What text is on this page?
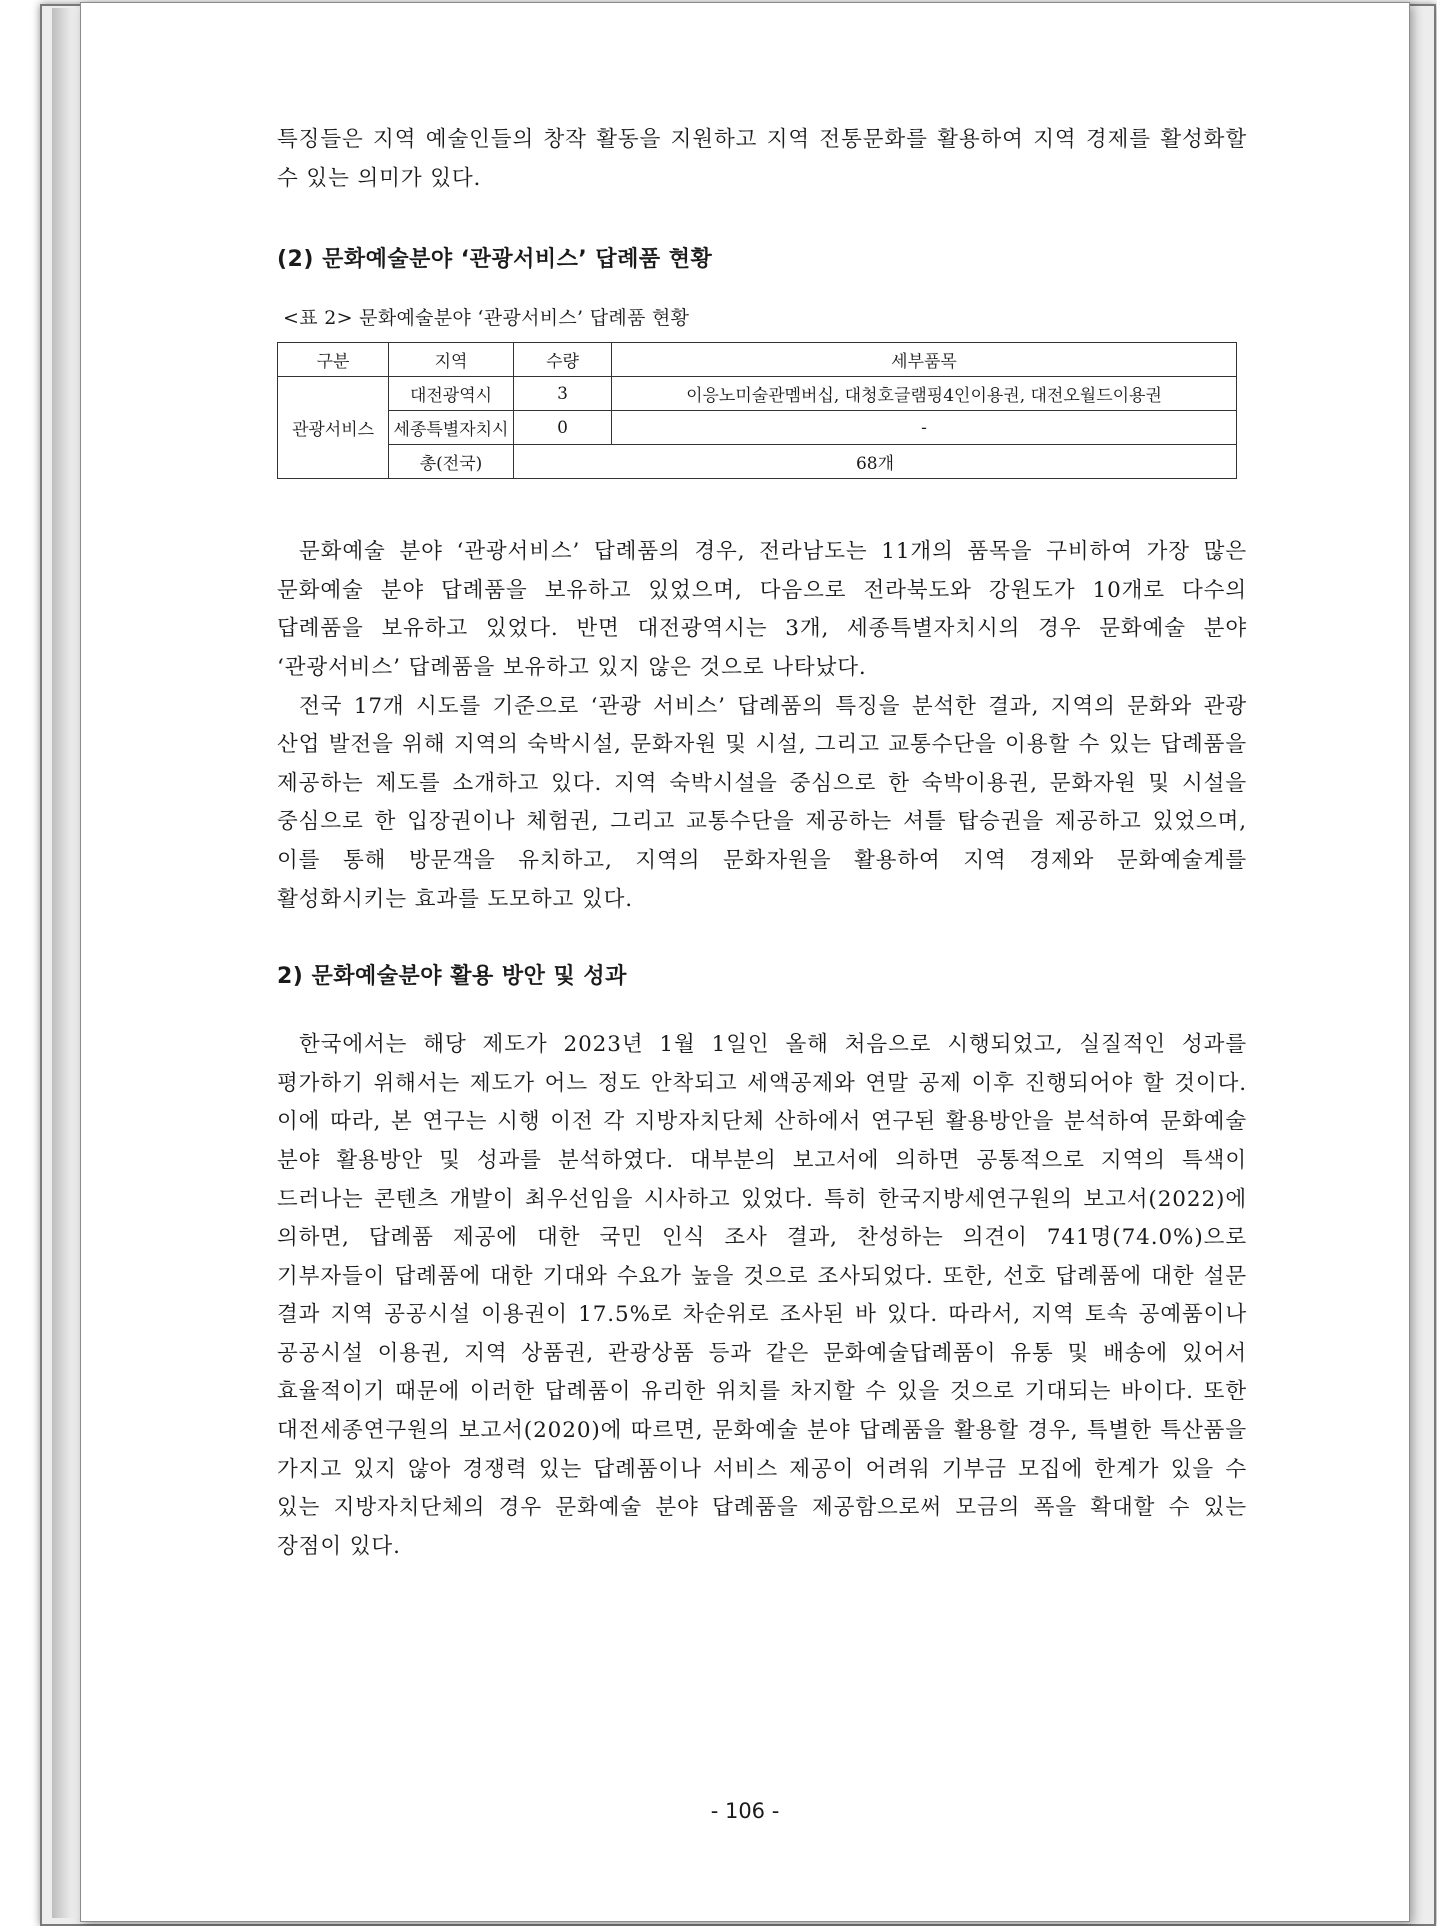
특징들은 지역 예술인들의 창작 활동을 지원하고 지역 전통문화를 활용하여 지역 경제를 활성화할 수 있는 의미가 있다.

(2) 문화예술분야 ‘관광서비스’ 답례품 현황

<표 2> 문화예술분야 ‘관광서비스’ 답례품 현황

구분	지역	수량	세부품목
관광서비스	대전광역시	3	이응노미술관멤버십, 대청호글램핑4인이용권, 대전오월드이용권
	세종특별자치시	0	-
	총(전국)	68개	

문화예술 분야 ‘관광서비스’ 답례품의 경우, 전라남도는 11개의 품목을 구비하여 가장 많은 문화예술 분야 답례품을 보유하고 있었으며, 다음으로 전라북도와 강원도가 10개로 다수의 답례품을 보유하고 있었다. 반면 대전광역시는 3개, 세종특별자치시의 경우 문화예술 분야 ‘관광서비스’ 답례품을 보유하고 있지 않은 것으로 나타났다.

전국 17개 시도를 기준으로 ‘관광 서비스’ 답례품의 특징을 분석한 결과, 지역의 문화와 관광 산업 발전을 위해 지역의 숙박시설, 문화자원 및 시설, 그리고 교통수단을 이용할 수 있는 답례품을 제공하는 제도를 소개하고 있다. 지역 숙박시설을 중심으로 한 숙박이용권, 문화자원 및 시설을 중심으로 한 입장권이나 체험권, 그리고 교통수단을 제공하는 셔틀 탑승권을 제공하고 있었으며, 이를 통해 방문객을 유치하고, 지역의 문화자원을 활용하여 지역 경제와 문화예술계를 활성화시키는 효과를 도모하고 있다.

2) 문화예술분야 활용 방안 및 성과

한국에서는 해당 제도가 2023년 1월 1일인 올해 처음으로 시행되었고, 실질적인 성과를 평가하기 위해서는 제도가 어느 정도 안착되고 세액공제와 연말 공제 이후 진행되어야 할 것이다. 이에 따라, 본 연구는 시행 이전 각 지방자치단체 산하에서 연구된 활용방안을 분석하여 문화예술 분야 활용방안 및 성과를 분석하였다. 대부분의 보고서에 의하면 공통적으로 지역의 특색이 드러나는 콘텐츠 개발이 최우선임을 시사하고 있었다. 특히 한국지방세연구원의 보고서(2022)에 의하면, 답례품 제공에 대한 국민 인식 조사 결과, 찬성하는 의견이 741명(74.0%)으로 기부자들이 답례품에 대한 기대와 수요가 높을 것으로 조사되었다. 또한, 선호 답례품에 대한 설문 결과 지역 공공시설 이용권이 17.5%로 차순위로 조사된 바 있다. 따라서, 지역 토속 공예품이나 공공시설 이용권, 지역 상품권, 관광상품 등과 같은 문화예술답례품이 유통 및 배송에 있어서 효율적이기 때문에 이러한 답례품이 유리한 위치를 차지할 수 있을 것으로 기대되는 바이다. 또한 대전세종연구원의 보고서(2020)에 따르면, 문화예술 분야 답례품을 활용할 경우, 특별한 특산품을 가지고 있지 않아 경쟁력 있는 답례품이나 서비스 제공이 어려워 기부금 모집에 한계가 있을 수 있는 지방자치단체의 경우 문화예술 분야 답례품을 제공함으로써 모금의 폭을 확대할 수 있는 장점이 있다.

- 106 -
